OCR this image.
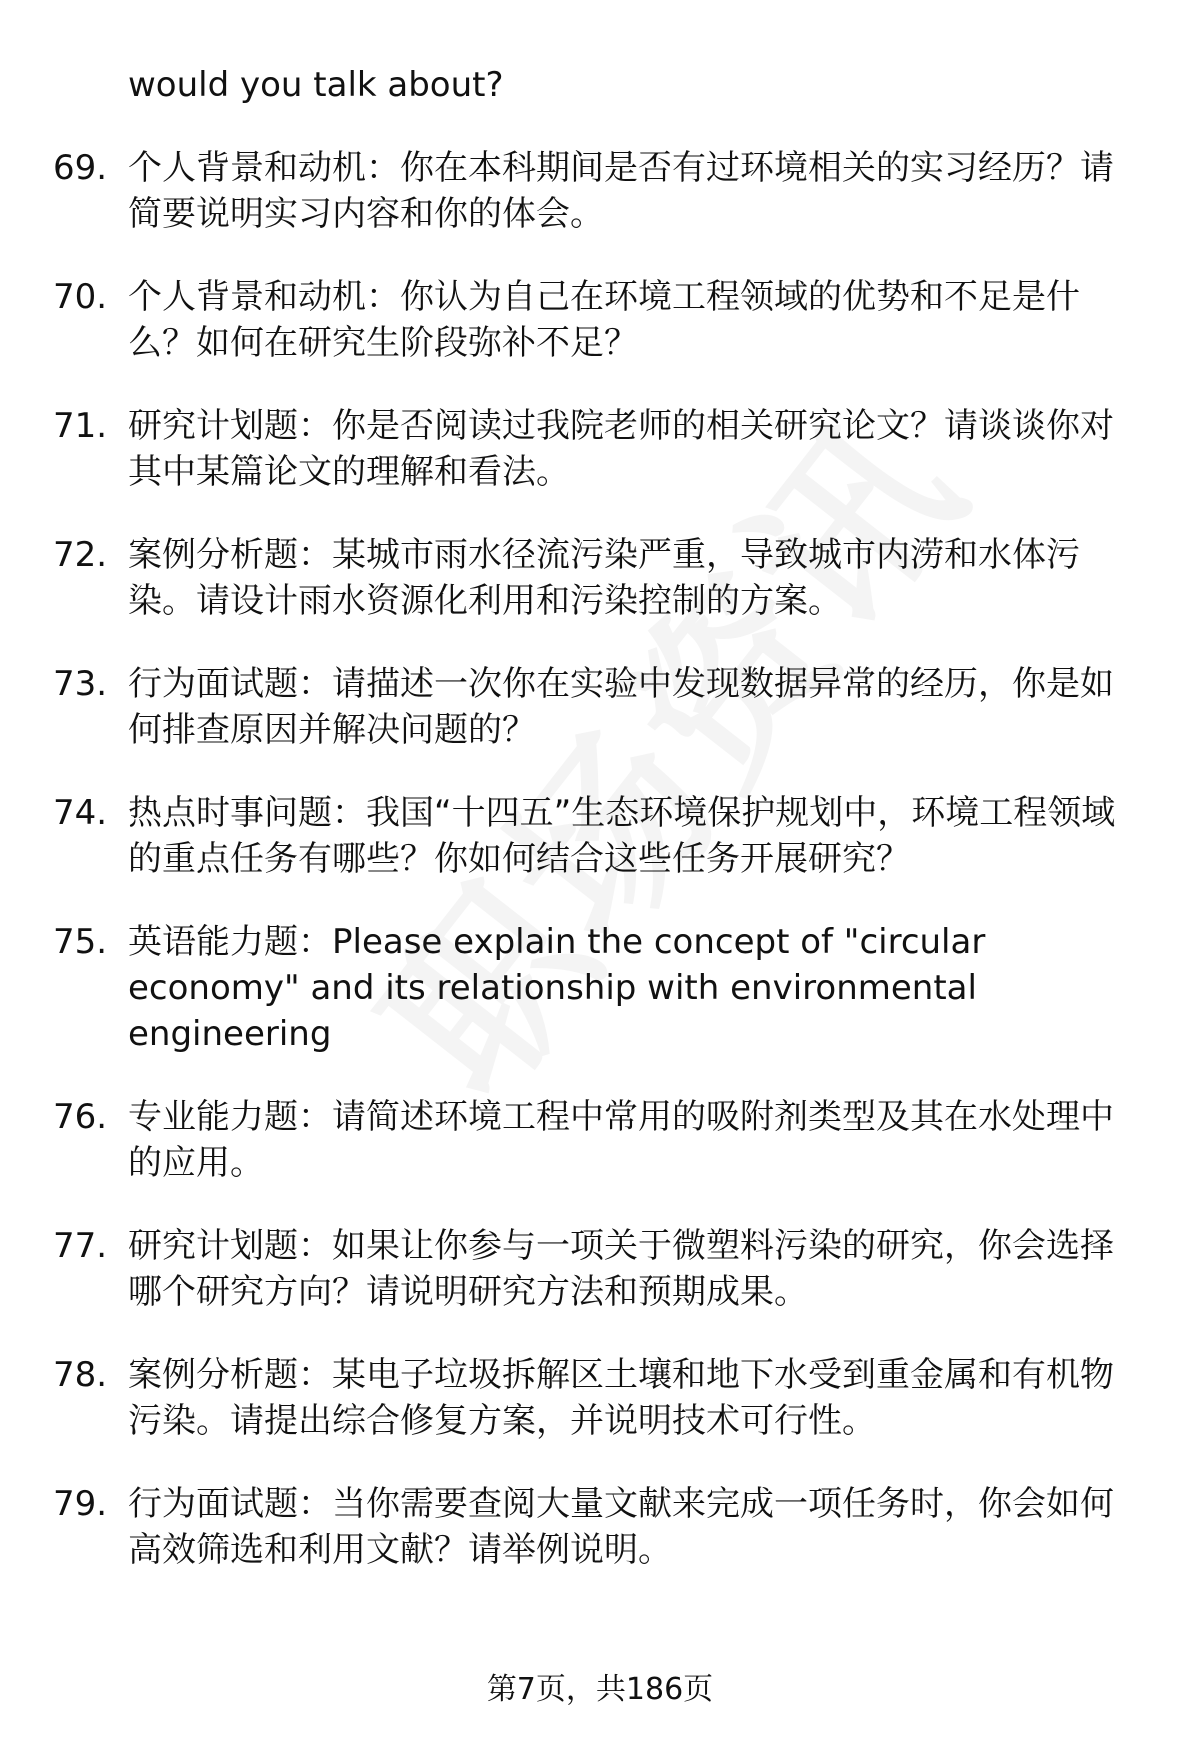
would you talk about?
69. 个人背景和动机：你在本科期间是否有过环境相关的实习经历？请简要说明实习内容和你的体会。
70. 个人背景和动机：你认为自己在环境工程领域的优势和不足是什么？如何在研究生阶段弥补不足？
71. 研究计划题：你是否阅读过我院老师的相关研究论文？请谈谈你对其中某篇论文的理解和看法。
72. 案例分析题：某城市雨水径流污染严重，导致城市内涝和水体污染。请设计雨水资源化利用和污染控制的方案。
73. 行为面试题：请描述一次你在实验中发现数据异常的经历，你是如何排查原因并解决问题的？
74. 热点时事问题：我国“十四五”生态环境保护规划中，环境工程领域的重点任务有哪些？你如何结合这些任务开展研究？
75. 英语能力题：Please explain the concept of "circular economy" and its relationship with environmental engineering
76. 专业能力题：请简述环境工程中常用的吸附剂类型及其在水处理中的应用。
77. 研究计划题：如果让你参与一项关于微塑料污染的研究，你会选择哪个研究方向？请说明研究方法和预期成果。
78. 案例分析题：某电子垃圾拆解区土壤和地下水受到重金属和有机物污染。请提出综合修复方案，并说明技术可行性。
79. 行为面试题：当你需要查阅大量文献来完成一项任务时，你会如何高效筛选和利用文献？请举例说明。
第7页，共186页
